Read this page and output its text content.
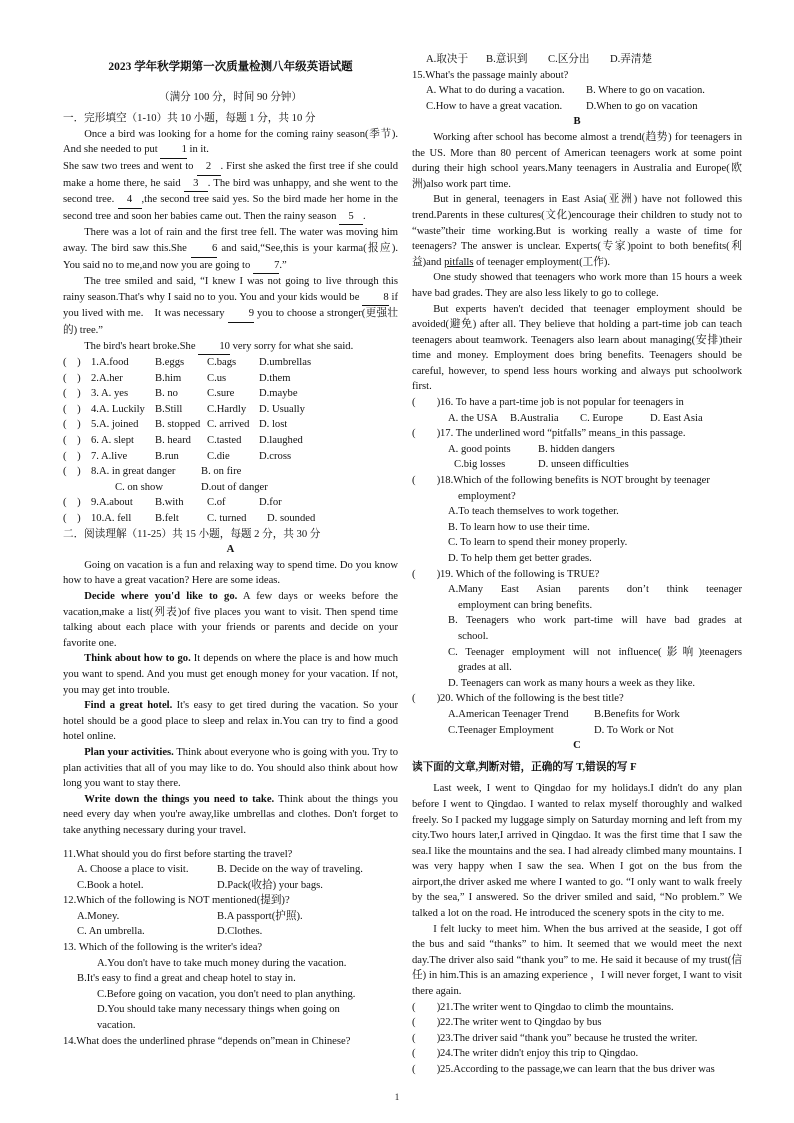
2023 学年秋学期第一次质量检测八年级英语试题

（满分 100 分，时间 90 分钟）

一．完形填空（1-10）共 10 小题，每题 1 分，共 10 分

Once a bird was looking for a home for the coming rainy season(季节). And she needed to put 1 in it.

She saw two trees and went to 2 . First she asked the first tree if she could make a home there, he said 3 . The bird was unhappy, and she went to the second tree. 4 ,the second tree said yes. So the bird made her home in the second tree and soon her babies came out. Then the rainy season 5 .

There was a lot of rain and the first tree fell. The water was moving him away. The bird saw this.She 6 and said,“See,this is your karma(报应).　You said no to me,and now you are going to 7.”

The tree smiled and said, “I knew I was not going to live through this rainy season.That's why I said no to you. You and your kids would be 8 if you lived with me.　It was necessary 9 you to choose a stronger(更强壮的) tree.”

The bird's heart broke.She 10 very sorry for what she said.

(　) 1.A.food	B.eggs	C.bags	D.umbrellas

(　) 2.A.her	B.him	C.us	D.them

(　) 3. A. yes	B. no	C.sure	D.maybe

(　) 4.A. Luckily B.Still	C.Hardly	D. Usually

(　) 5.A. joined	B. stopped C. arrived D. lost

(　) 6. A. slept	B. heard	C.tasted	D.laughed

(　) 7. A.live	B.run	C.die	D.cross

(　) 8.A. in great danger	B. on fire

C. on show	D.out of danger

(　) 9.A.about	B.with	C.of	D.for

(　) 10.A. fell	B.felt	C. turned	D. sounded

二．阅读理解（11-25）共 15 小题，每题 2 分，共 30 分

A

Going on vacation is a fun and relaxing way to spend time. Do you know how to have a great vacation? Here are some ideas.

Decide where you'd like to go. A few days or weeks before the vacation,make a list(列表)of five places you want to visit. Then spend time talking about each place with your friends or parents and decide on your favorite one.

Think about how to go. It depends on where the place is and how much you want to spend. And you must get enough money for your vacation. If not, you may get into trouble.

Find a great hotel. It's easy to get tired during the vacation. So your hotel should be a good place to sleep and relax in.You can try to find a good hotel online.

Plan your activities. Think about everyone who is going with you. Try to plan activities that all of you may like to do. You should also think about how long you want to stay there.

Write down the things you need to take. Think about the things you need every day when you're away,like umbrellas and clothes. Don't forget to take anything necessary during your travel.

11.What should you do first before starting the travel?

A. Choose a place to visit.	B. Decide on the way of traveling.

C.Book a hotel.	D.Pack(收拾) your bags.

12.Which of the following is NOT mentioned(提到)?

A.Money.	B.A passport(护照).

C. An umbrella.	D.Clothes.

13. Which of the following is the writer's idea?

A.You don't have to take much money during the vacation.

B.It's easy to find a great and cheap hotel to stay in.

C.Before going on vacation, you don't need to plan anything.

D.You should take many necessary things when going on

vacation.

14.What does the underlined phrase “depends on”mean in Chinese?

A.取决于	B.意识到	C.区分出	D.弄清楚

15.What's the passage mainly about?

A. What to do during a vacation.	B. Where to go on vacation.

C.How to have a great vacation.	D.When to go on vacation

B

Working after school has become almost a trend(趋势) for teenagers in the US. More than 80 percent of American teenagers work at some point during their high school years.Many teenagers in Australia and Europe(欧洲)also work part time.

But in general, teenagers in East Asia(亚洲) have not followed this trend.Parents in these cultures(文化)encourage their children to study not to “waste”their time working.But is working really a waste of time for teenagers? The answer is unclear. Experts(专家)point to both benefits(利益)and pitfalls of teenager employment(工作).

One study showed that teenagers who work more than 15 hours a week have bad grades. They are also less likely to go to college.

But experts haven't decided that teenager employment should be avoided(避免) after all. They believe that holding a part-time job can teach teenagers about teamwork. Teenagers also learn about managing(安排)their time and money. Employment does bring benefits. Teenagers should be careful, however, to spend less hours working and always put schoolwork first.

(　　) 16. To have a part-time job is not popular for teenagers in

A. the USA	B.Australia	C. Europe	D. East Asia

(　　) 17. The underlined word “pitfalls” means_in this passage.

A. good points	B. hidden dangers

C.big losses	D. unseen difficulties

(　　) 18.Which of the following benefits is NOT brought by teenager

employment?

A.To teach themselves to work together.

B. To learn how to use their time.

C. To learn to spend their money properly.

D. To help them get better grades.

(　　) 19. Which of the following is TRUE?

A.Many East Asian parents don’t think teenager

employment can bring benefits.

B. Teenagers who work part-time will have bad grades at

school.

C. Teenager employment will not influence(影响)teenagers

grades at all.

D. Teenagers can work as many hours a week as they like.

(　　) 20. Which of the following is the best title?

A.American Teenager Trend	B.Benefits for Work

C.Teenager Employment	D. To Work or Not

C

读下面的文章,判断对错，正确的写 T,错误的写 F

Last week, I went to Qingdao for my holidays.I didn't do any plan before I went to Qingdao. I wanted to relax myself thoroughly and walked freely. So I packed my luggage simply on Saturday morning and left from my city.Two hours later,I arrived in Qingdao. It was the first time that I saw the sea.I like the mountains and the sea. I had already climbed many mountains. I was very happy when I saw the sea. When I got on the bus from the airport,the driver asked me where I wanted to go. “I only want to walk freely by the sea,” I answered. So the driver smiled and said, “No problem.” We talked a lot on the road. He introduced the scenery spots in the city to me.

I felt lucky to meet him. When the bus arrived at the seaside, I got off the bus and said “thanks” to him. It seemed that we would meet the next day.The driver also said “thank you” to me. He said it because of my trust(信任) in him.This is an amazing experience ，I will never forget, I want to visit there again.

(　　) 21.The writer went to Qingdao to climb the mountains.

(　　) 22.The writer went to Qingdao by bus

(　　) 23.The driver said “thank you” because he trusted the writer.

(　　) 24.The writer didn't enjoy this trip to Qingdao.

(　　) 25.According to the passage,we can learn that the bus driver was

1
